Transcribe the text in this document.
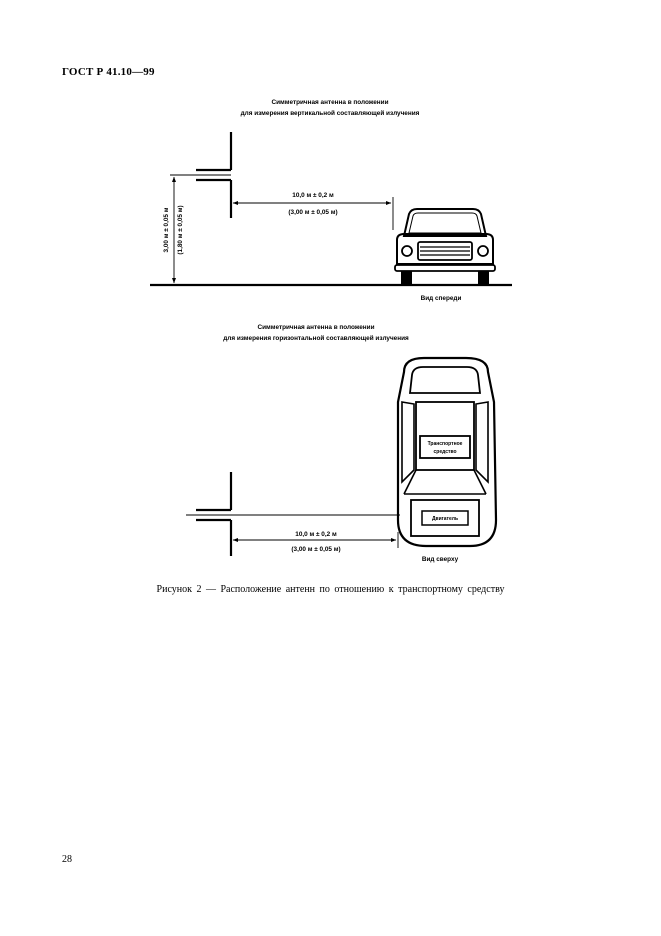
ГОСТ Р 41.10—99
Симметричная антенна в положении
для измерения вертикальной составляющей излучения
3,00 м ± 0,05 м (1,80 м ± 0,05 м)
10,0 м ± 0,2 м
(3,00 м ± 0,05 м)
Вид спереди
Симметричная антенна в положении
для измерения горизонтальной составляющей излучения
10,0 м ± 0,2 м
(3,00 м ± 0,05 м)
Транспортное
средство
Двигатель
Вид сверху
Рисунок 2 — Расположение антенн по отношению к транспортному средству
28
